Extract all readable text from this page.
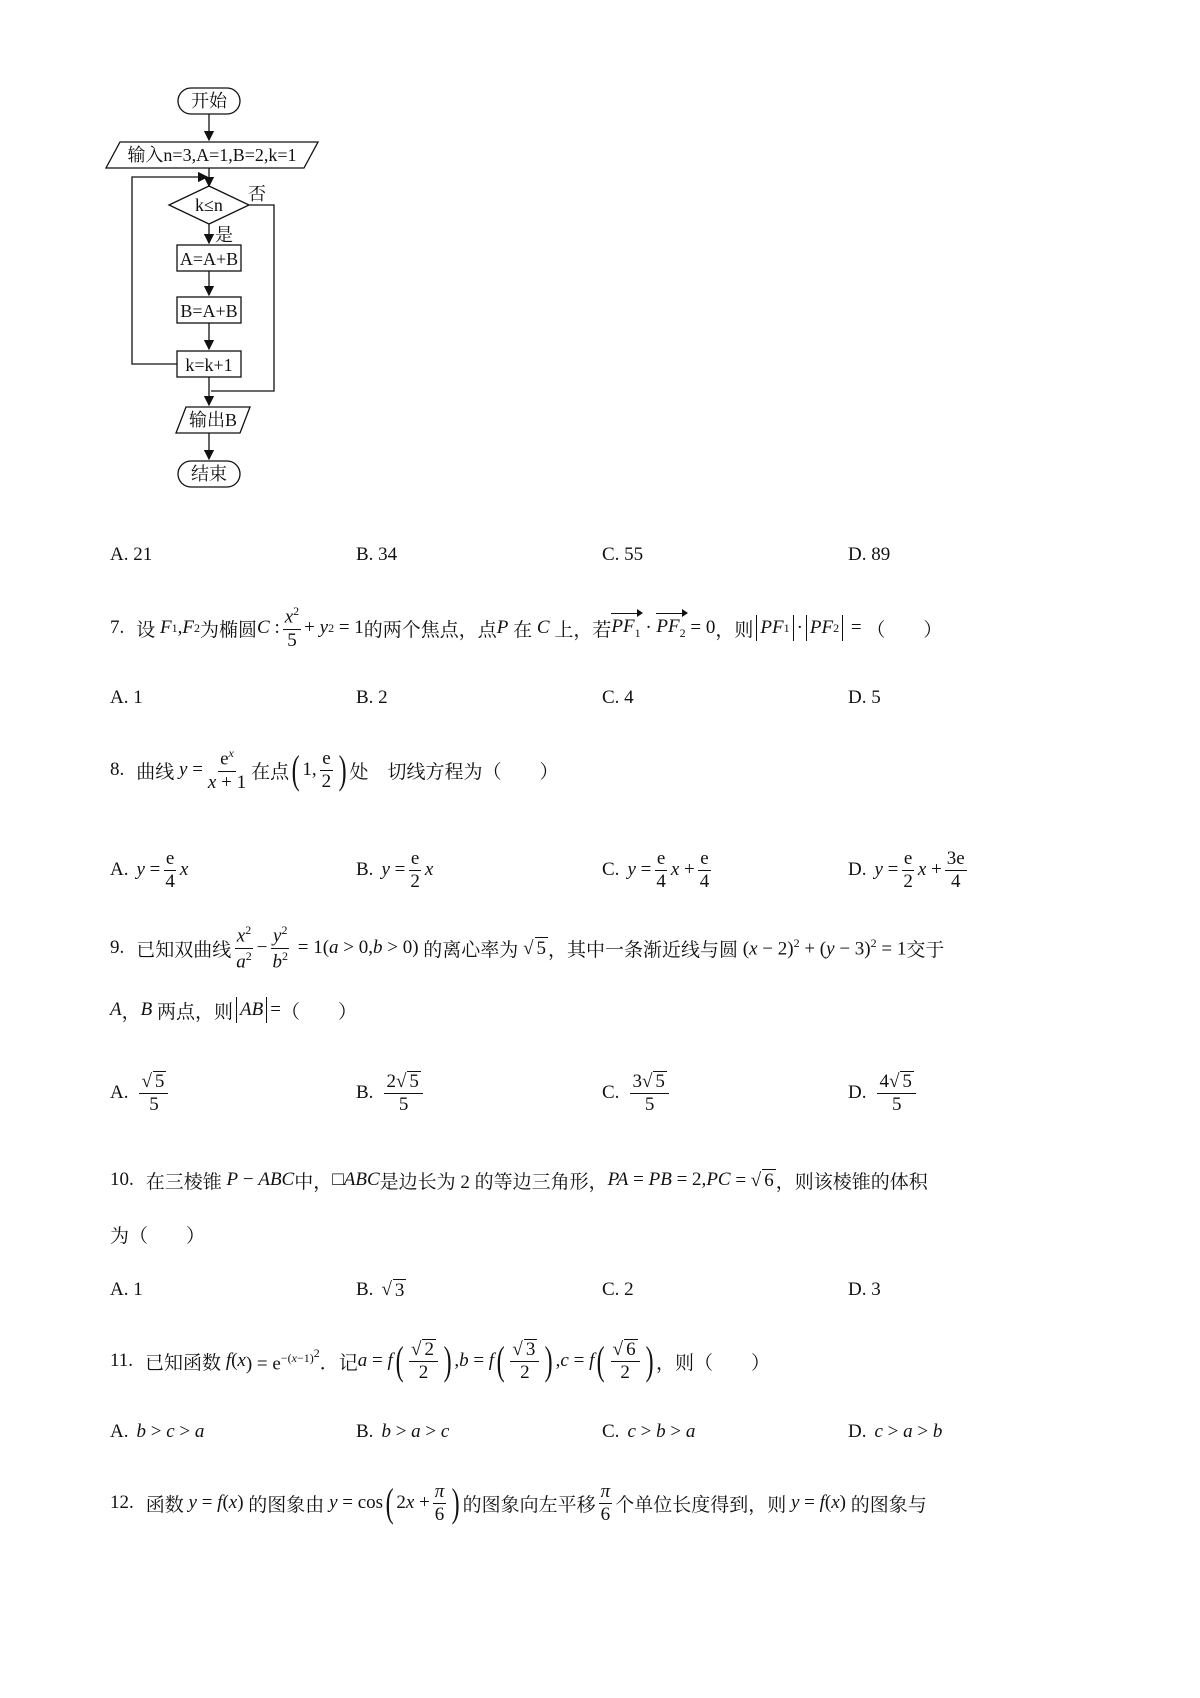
开始
输入n=3,A=1,B=2,k=1
k≤n
否
是
A=A+B
B=A+B
k=k+1
输出B
结束
A. 21	B. 34	C. 55	D. 89
7. 设 F 1 , F 2 为椭圆 C : $\frac{x^2}{5} + y$ 2 = 1 的两个焦点，点 P
在 C 上，若 $PF_1 \cdot PF_2 = 0$ ，则 PF 1 · PF 2 = （　　）
A. 1	B. 2	C. 4	D. 5
8. 曲线 $y = \frac{e^x}{x + 1}$ 在点 ( 1, $\frac{e}{2}$ ) 处　切线方程为（　　）
A. $y = \frac{e}{4}$ x	B. $y = \frac{e}{2}$ x	C. $y = \frac{e}{4}$ $x + \frac{e}{4}$	D. $y = \frac{e}{2}$ $x + \frac{3e}{4}$
9. 已知双曲线 $\frac{x^2}{a^2} - \frac{y^2}{b^2} = 1(a > 0,b > 0)$ 的离心率为 √ 5 ，其中一条渐近线与圆 $(x - 2)^2 + (y - 3)^2 = 1$ 交于
A ， B
两点，则 AB = （　　）
A. $\frac{√ 5}{5}$	B. $\frac{2√ 5}{5}$	C. $\frac{3√ 5}{5}$	D. $\frac{4√ 5}{5}$
10. 在三棱锥 P − ABC 中， □ ABC 是边长为 2 的等边三角形， PA = PB = 2, PC = √ 6 ，则该棱锥的体积
为（　　）
A. 1	B. √ 3	C. 2	D. 3
11. 已知函数 f ( x ) = $e^{-(x-1)^2}$ ．记 a = f ( $\frac{√ 2}{2}$ ) , b = f ( $\frac{√ 3}{2}$ ) , c = f ( $\frac{√ 6}{2}$ ) ，则（　　）
A. b > c > a	B. b > a > c	C. c > b > a	D. c > a > b
12. 函数 y = f ( x ) 的图象由 y = cos ( $2x + \frac{\pi}{6}$ ) 的图象向左平移 $\frac{\pi}{6}$ 个单位长度得到，则 y = f ( x ) 的图象与
